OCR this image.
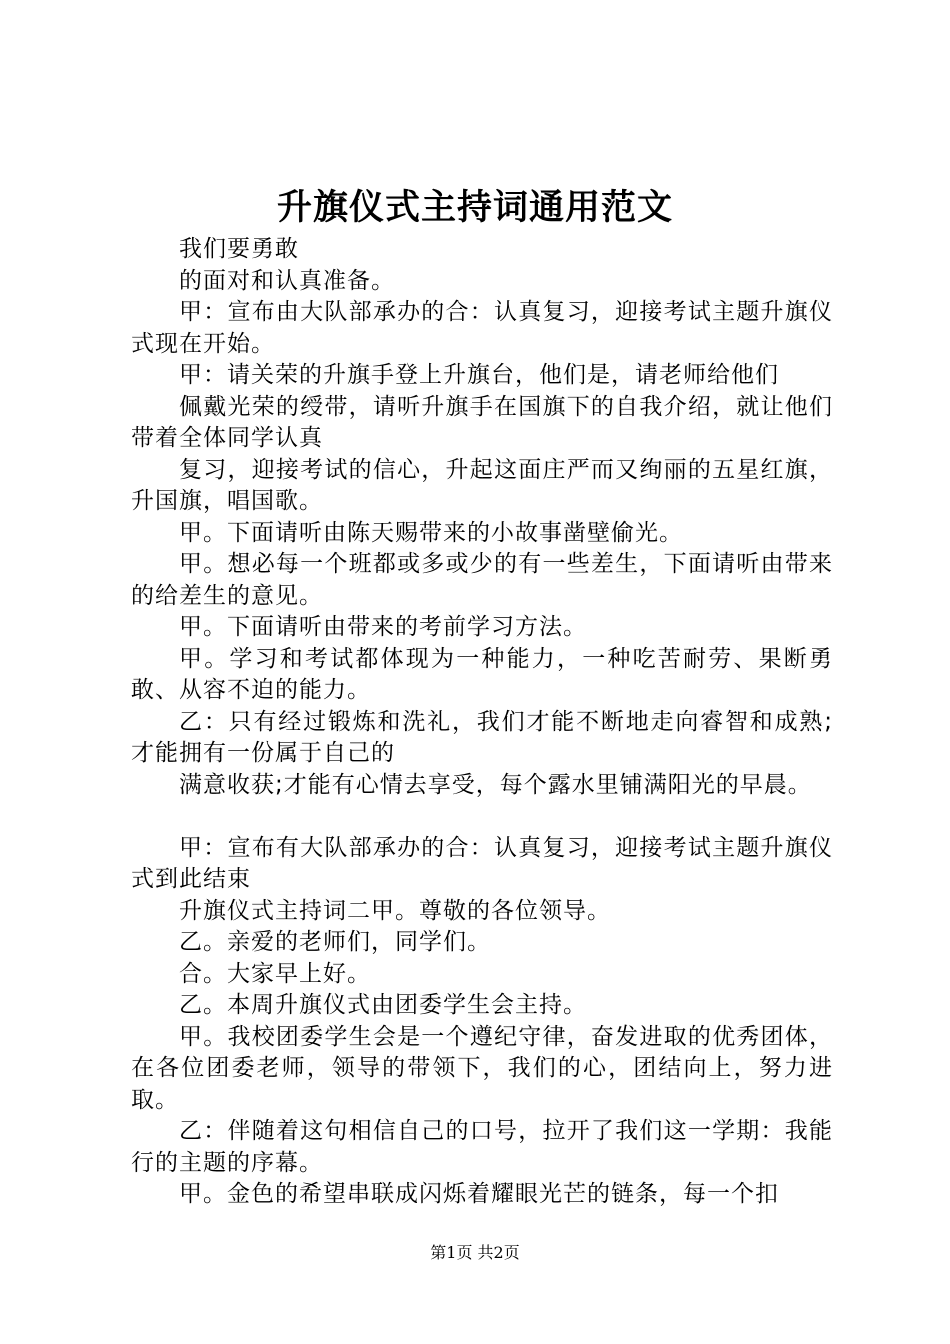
升旗仪式主持词通用范文

我们要勇敢

的面对和认真准备。

甲：宣布由大队部承办的合：认真复习，迎接考试主题升旗仪式现在开始。

甲：请关荣的升旗手登上升旗台，他们是，请老师给他们

佩戴光荣的绶带，请听升旗手在国旗下的自我介绍，就让他们带着全体同学认真

复习，迎接考试的信心，升起这面庄严而又绚丽的五星红旗，升国旗，唱国歌。

甲。下面请听由陈天赐带来的小故事凿壁偷光。

甲。想必每一个班都或多或少的有一些差生，下面请听由带来的给差生的意见。

甲。下面请听由带来的考前学习方法。

甲。学习和考试都体现为一种能力，一种吃苦耐劳、果断勇敢、从容不迫的能力。

乙：只有经过锻炼和洗礼，我们才能不断地走向睿智和成熟;才能拥有一份属于自己的

满意收获;才能有心情去享受，每个露水里铺满阳光的早晨。

甲：宣布有大队部承办的合：认真复习，迎接考试主题升旗仪式到此结束

升旗仪式主持词二甲。尊敬的各位领导。

乙。亲爱的老师们，同学们。

合。大家早上好。

乙。本周升旗仪式由团委学生会主持。

甲。我校团委学生会是一个遵纪守律，奋发进取的优秀团体，在各位团委老师，领导的带领下，我们的心，团结向上，努力进取。

乙：伴随着这句相信自己的口号，拉开了我们这一学期：我能行的主题的序幕。

甲。金色的希望串联成闪烁着耀眼光芒的链条，每一个扣

第1页 共2页
